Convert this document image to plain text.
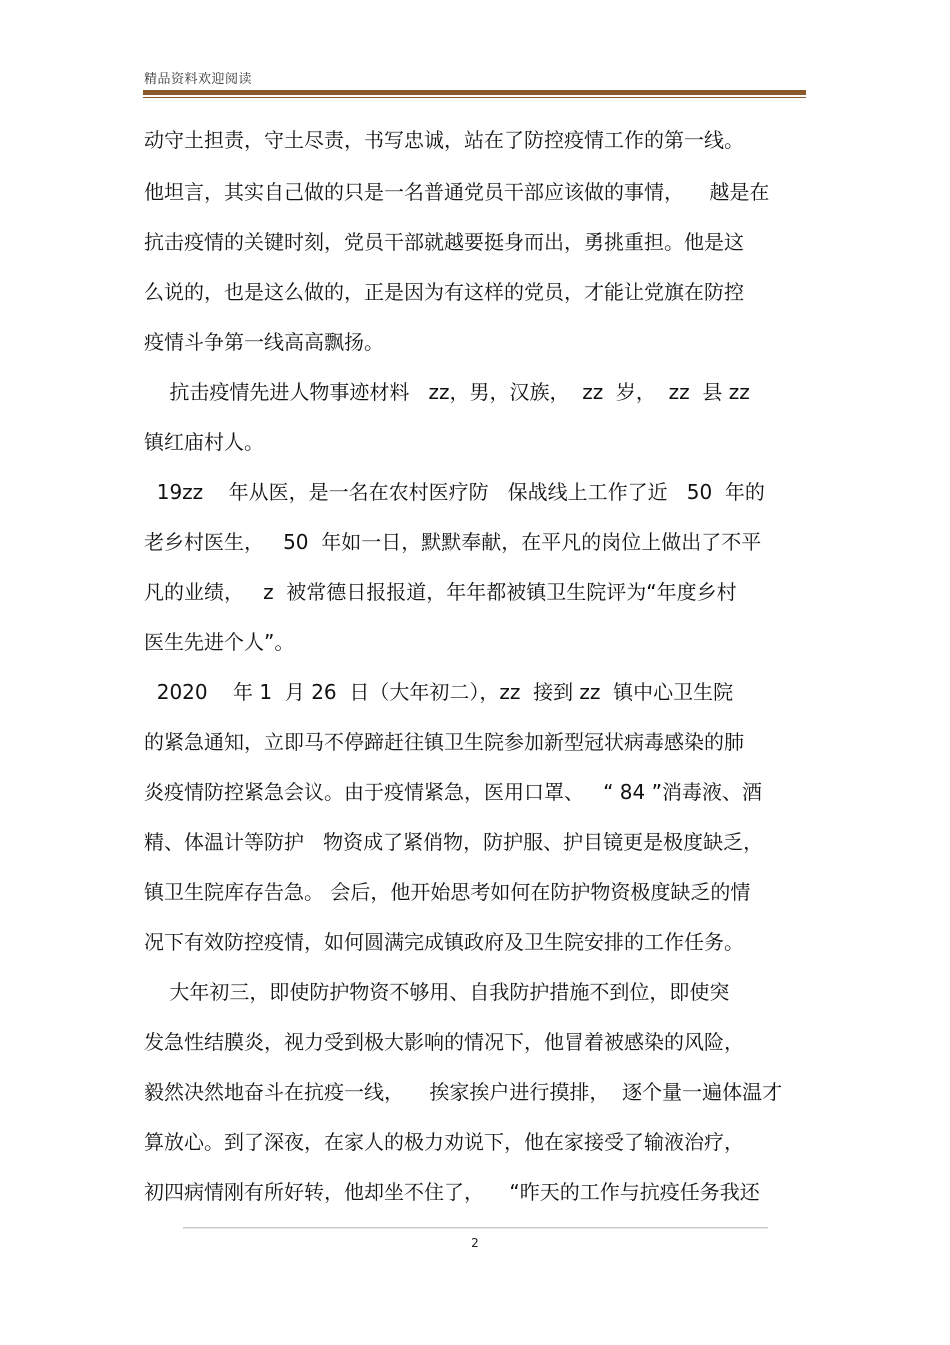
精品资料欢迎阅读
动守土担责，守土尽责，书写忠诚，站在了防控疫情工作的第一线。
他坦言，其实自己做的只是一名普通党员干部应该做的事情，    越是在
抗击疫情的关键时刻，党员干部就越要挺身而出，勇挑重担。他是这
么说的，也是这么做的，正是因为有这样的党员，才能让党旗在防控
疫情斗争第一线高高飘扬。
抗击疫情先进人物事迹材料   zz，男，汉族，  zz  岁，  zz  县 zz
镇红庙村人。
19zz    年从医，是一名在农村医疗防   保战线上工作了近   50  年的
老乡村医生，   50  年如一日，默默奉献，在平凡的岗位上做出了不平
凡的业绩，   z  被常德日报报道，年年都被镇卫生院评为“年度乡村
医生先进个人”。
2020    年 1  月 26  日（大年初二），zz  接到 zz  镇中心卫生院
的紧急通知，立即马不停蹄赶往镇卫生院参加新型冠状病毒感染的肺
炎疫情防控紧急会议。由于疫情紧急，医用口罩、   “ 84 ”消毒液、酒
精、体温计等防护   物资成了紧俏物，防护服、护目镜更是极度缺乏，
镇卫生院库存告急。 会后，他开始思考如何在防护物资极度缺乏的情
况下有效防控疫情，如何圆满完成镇政府及卫生院安排的工作任务。
大年初三，即使防护物资不够用、自我防护措施不到位，即使突
发急性结膜炎，视力受到极大影响的情况下，他冒着被感染的风险，
毅然决然地奋斗在抗疫一线，    挨家挨户进行摸排，  逐个量一遍体温才
算放心。到了深夜，在家人的极力劝说下，他在家接受了输液治疗，
初四病情刚有所好转，他却坐不住了，    “昨天的工作与抗疫任务我还
2
